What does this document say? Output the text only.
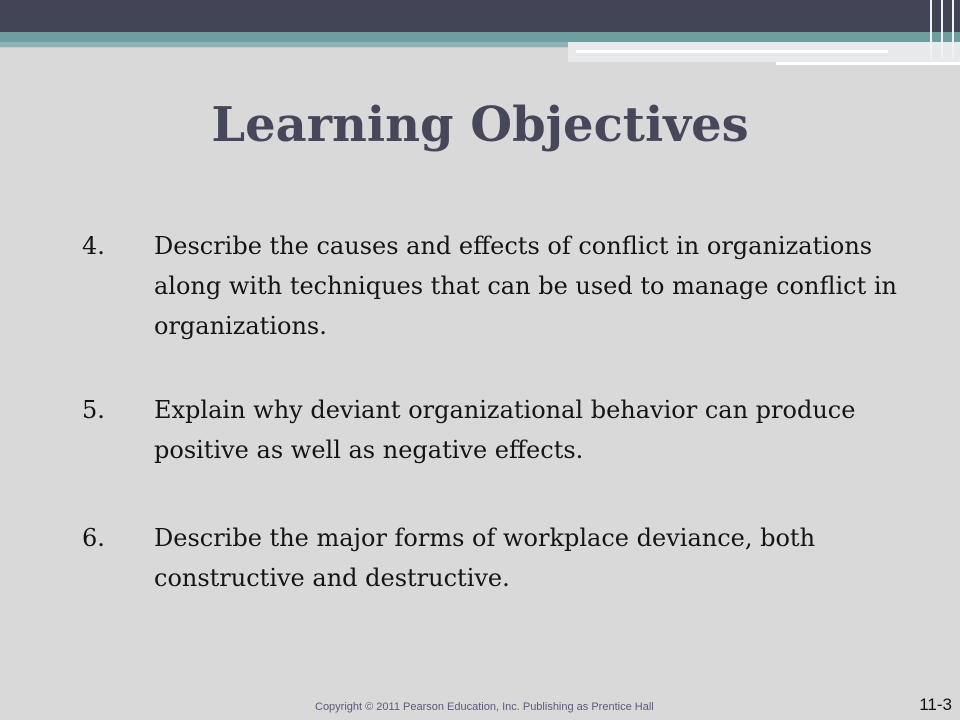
Learning Objectives
4.	Describe the causes and effects of conflict in organizations along with techniques that can be used to manage conflict in organizations.
5.	Explain why deviant organizational behavior can produce positive as well as negative effects.
6.	Describe the major forms of workplace deviance, both constructive and destructive.
Copyright © 2011 Pearson Education, Inc. Publishing as Prentice Hall	11-3
